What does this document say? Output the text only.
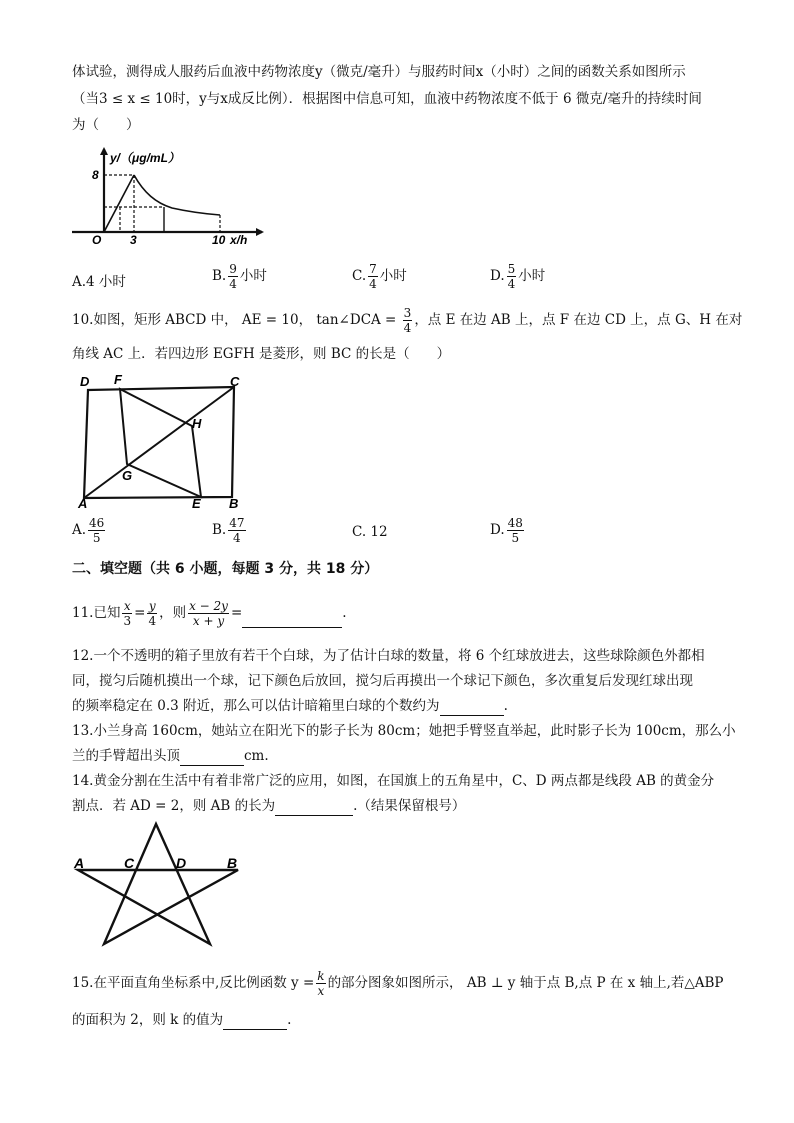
体试验，测得成人服药后血液中药物浓度y（微克/毫升）与服药时间x（小时）之间的函数关系如图所示
（当3 ≤ x ≤ 10时，y与x成反比例）．根据图中信息可知，血液中药物浓度不低于 6 微克/毫升的持续时间
为（　　）
y/（μg/mL）
8
O 3	10 x/h
A.4 小时	B. $\frac{9}{4}$ 小时	C. $\frac{7}{4}$ 小时	D. $\frac{5}{4}$ 小时
10.如图，矩形 ABCD 中， AE = 10， tan∠DCA = $\frac{3}{4}$ ，点 E 在边 AB 上，点 F 在边 CD 上，点 G、H 在对
角线 AC 上．若四边形 EGFH 是菱形，则 BC 的长是（　　）
D F	C
H
G
A	E B
A. $\frac{46}{5}$	B. $\frac{47}{4}$	C. 12	D. $\frac{48}{5}$
二、填空题（共 6 小题，每题 3 分，共 18 分）
11.已知 $\frac{x}{3} = \frac{y}{4}$ ，则 $\frac{x - 2y}{x + y}$ =	.
12.一个不透明的箱子里放有若干个白球，为了估计白球的数量，将 6 个红球放进去，这些球除颜色外都相
同，搅匀后随机摸出一个球，记下颜色后放回，搅匀后再摸出一个球记下颜色，多次重复后发现红球出现
的频率稳定在 0.3 附近，那么可以估计暗箱里白球的个数约为	.
13.小兰身高 160cm，她站立在阳光下的影子长为 80cm；她把手臂竖直举起，此时影子长为 100cm，那么小
兰的手臂超出头顶	cm.
14.黄金分割在生活中有着非常广泛的应用，如图，在国旗上的五角星中，C、D 两点都是线段 AB 的黄金分
割点．若 AD = 2，则 AB 的长为	.（结果保留根号）
A	C	D	B
15.在平面直角坐标系中,反比例函数 $y = \frac{k}{x}$ 的部分图象如图所示， AB ⊥ y 轴于点 B,点 P 在 x 轴上,若△ABP
的面积为 2，则 k 的值为	.
